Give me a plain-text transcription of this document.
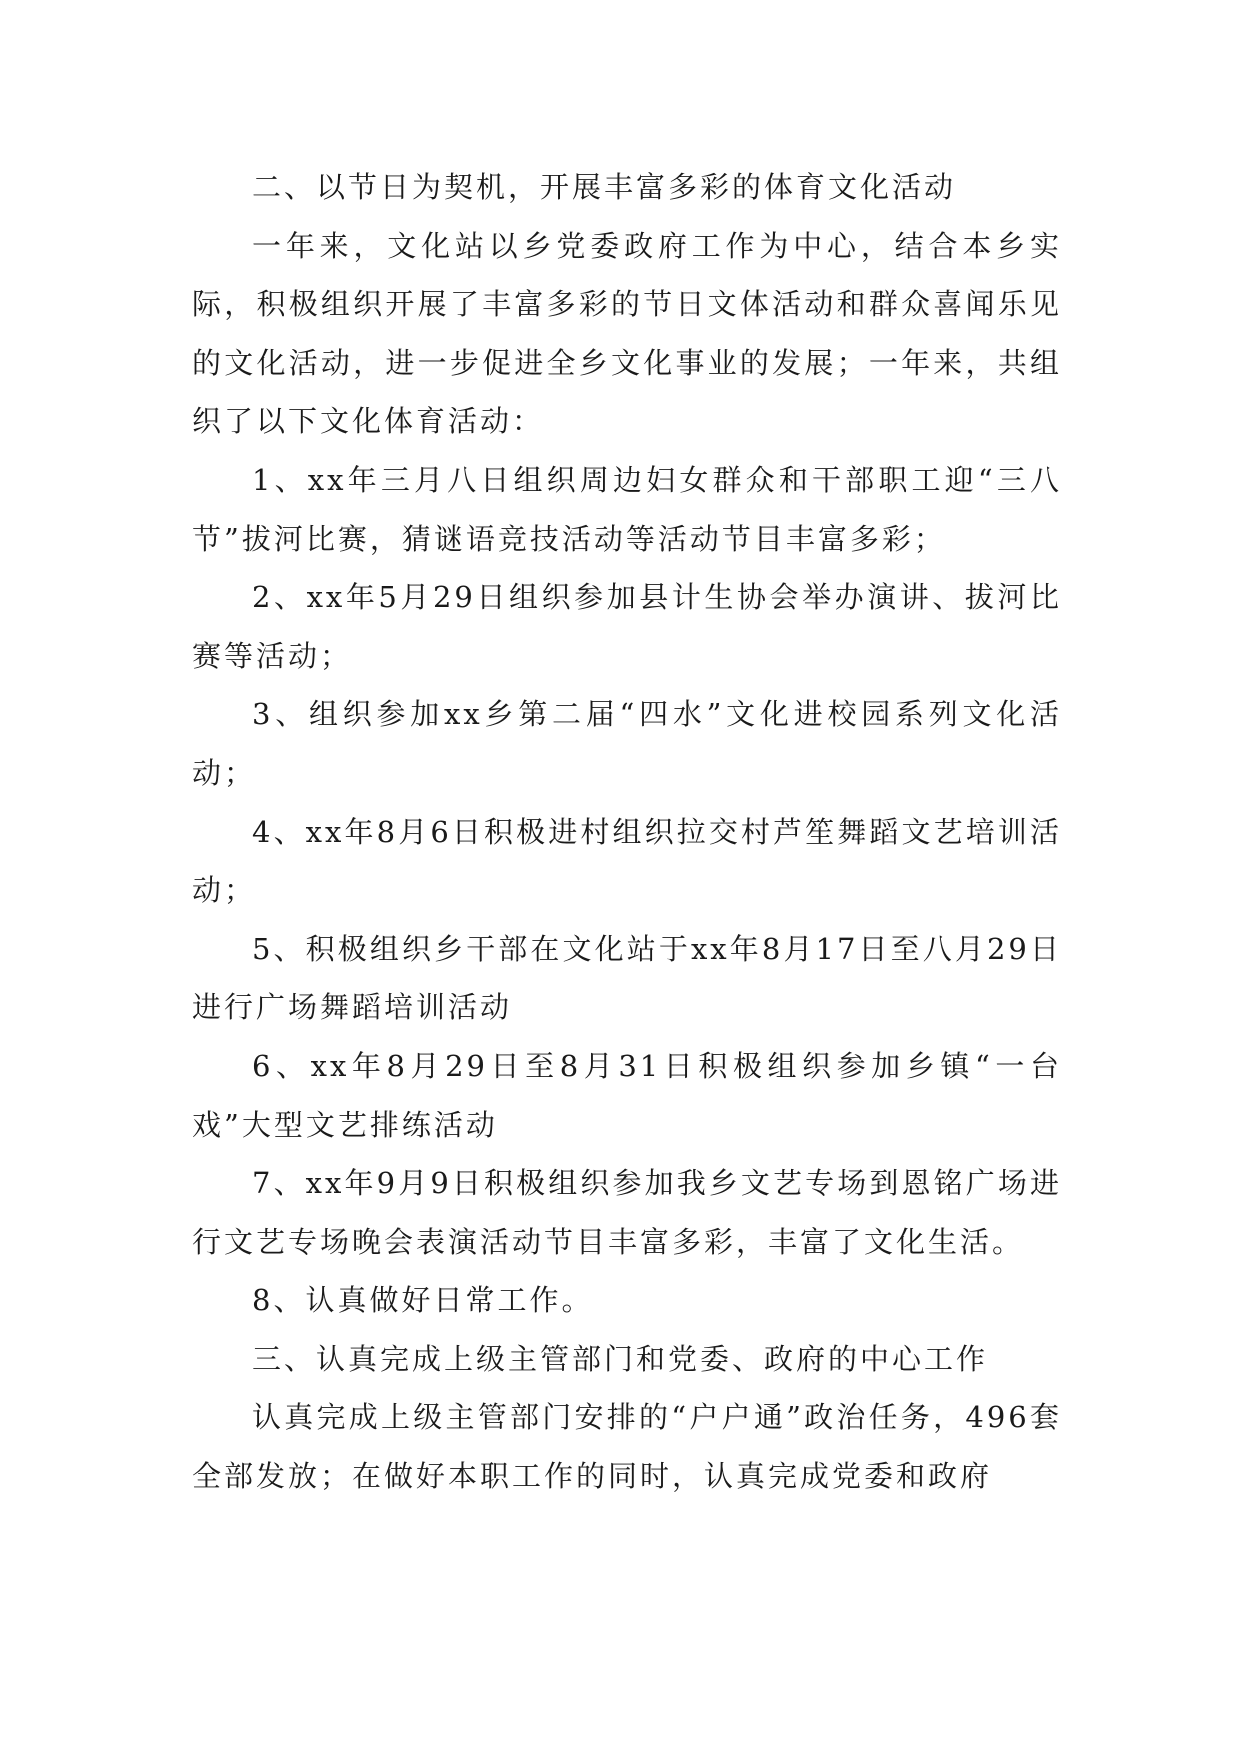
二、以节日为契机，开展丰富多彩的体育文化活动

一年来，文化站以乡党委政府工作为中心，结合本乡实际，积极组织开展了丰富多彩的节日文体活动和群众喜闻乐见的文化活动，进一步促进全乡文化事业的发展；一年来，共组织了以下文化体育活动：

1、xx年三月八日组织周边妇女群众和干部职工迎“三八节”拔河比赛，猜谜语竞技活动等活动节目丰富多彩；

2、xx年5月29日组织参加县计生协会举办演讲、拔河比赛等活动；

3、组织参加xx乡第二届“四水”文化进校园系列文化活动；

4、xx年8月6日积极进村组织拉交村芦笙舞蹈文艺培训活动；

5、积极组织乡干部在文化站于xx年8月17日至八月29日进行广场舞蹈培训活动

6、xx年8月29日至8月31日积极组织参加乡镇“一台戏”大型文艺排练活动

7、xx年9月9日积极组织参加我乡文艺专场到恩铭广场进行文艺专场晚会表演活动节目丰富多彩，丰富了文化生活。

8、认真做好日常工作。

三、认真完成上级主管部门和党委、政府的中心工作

认真完成上级主管部门安排的“户户通”政治任务，496套全部发放；在做好本职工作的同时，认真完成党委和政府
